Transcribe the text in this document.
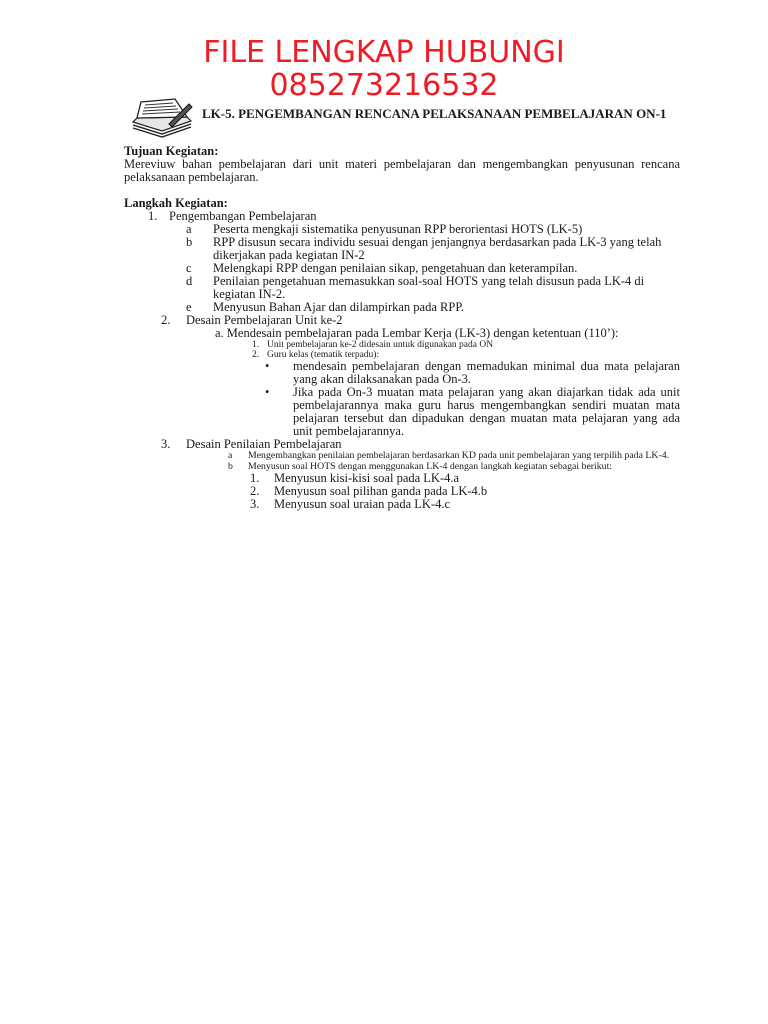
FILE LENGKAP HUBUNGI
085273216532

LK-5. PENGEMBANGAN RENCANA PELAKSANAAN PEMBELAJARAN ON-1

Tujuan Kegiatan:

Mereviuw bahan pembelajaran dari unit materi pembelajaran dan mengembangkan penyusunan rencana pelaksanaan pembelajaran.

Langkah Kegiatan:

1. Pengembangan Pembelajaran
a Peserta mengkaji sistematika penyusunan RPP berorientasi HOTS (LK-5)
b RPP disusun secara individu sesuai dengan jenjangnya berdasarkan pada LK-3 yang telah dikerjakan pada kegiatan IN-2
c Melengkapi RPP dengan penilaian sikap, pengetahuan dan keterampilan.
d Penilaian pengetahuan memasukkan soal-soal HOTS yang telah disusun pada LK-4 di kegiatan IN-2.
e Menyusun Bahan Ajar dan dilampirkan pada RPP.
2. Desain Pembelajaran Unit ke-2
a. Mendesain pembelajaran pada Lembar Kerja (LK-3) dengan ketentuan (110’):
1. Unit pembelajaran ke-2 didesain untuk digunakan pada ON
2. Guru kelas (tematik terpadu):
• mendesain pembelajaran dengan memadukan minimal dua mata pelajaran yang akan dilaksanakan pada On-3.
• Jika pada On-3 muatan mata pelajaran yang akan diajarkan tidak ada unit pembelajarannya maka guru harus mengembangkan sendiri muatan mata pelajaran tersebut dan dipadukan dengan muatan mata pelajaran yang ada unit pembelajarannya.
3. Desain Penilaian Pembelajaran
a Mengembangkan penilaian pembelajaran berdasarkan KD pada unit pembelajaran yang terpilih pada LK-4.
b Menyusun soal HOTS dengan menggunakan LK-4 dengan langkah kegiatan sebagai berikut:
1. Menyusun kisi-kisi soal pada LK-4.a
2. Menyusun soal pilihan ganda pada LK-4.b
3. Menyusun soal uraian pada LK-4.c
